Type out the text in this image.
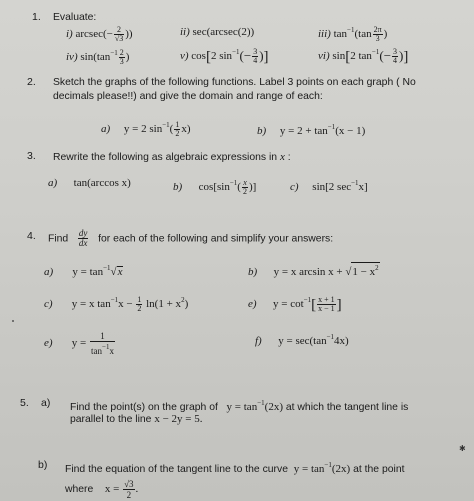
1. Evaluate:
i) $arcsec(- \frac{2}{√3}$ ))	ii) sec(arcsec(2))	iii) $\tan^{-1}(\tan \frac{2\pi}{3}$ )
iv) $\sin(\tan^{-1} \frac{2}{3}$ )	v) cos[2 $\sin^{-1}(- \frac{3}{4}$ )]	vi) sin[2 $\tan^{-1}(- \frac{3}{4}$ )]
2. Sketch the graphs of the following functions. Label 3 points on each graph ( No
decimals please!!) and give the domain and range of each:
a) y = 2 $\sin^{-1}( \frac{1}{2} x)$	b) $y = 2 + \tan^{-1}(x - 1)$
3. Rewrite the following as algebraic expressions in x :
a) tan(arccos x)	b) $\cos[\sin^{-1}( \frac{x}{2}$ )]	c) sin[2 $\sec^{-1}x$]
4. Find $\frac{dy}{dx}$ for each of the following and simplify your answers:
a) $y = \tan^{-1}√x$	b) y = x $\arcsin x + √1 - x^2$
c) y = x $\tan^{-1}x - \frac{1}{2} \ln(1 + x^2)$	e) $y = \cot^{-1}[ \frac{x + 1}{x - 1}$ ]
e) $y = \frac{1}{\tan^{-1}x}$	f) $y = \sec(\tan^{-1}4x)$
5. a) Find the point(s) on the graph of $y = \tan^{-1}(2x)$ at which the tangent line is
parallel to the line x − 2y = 5.
b) Find the equation of the tangent line to the curve $y = \tan^{-1}(2x)$ at the point
where $x = \frac{√3}{2}$ .
✱
